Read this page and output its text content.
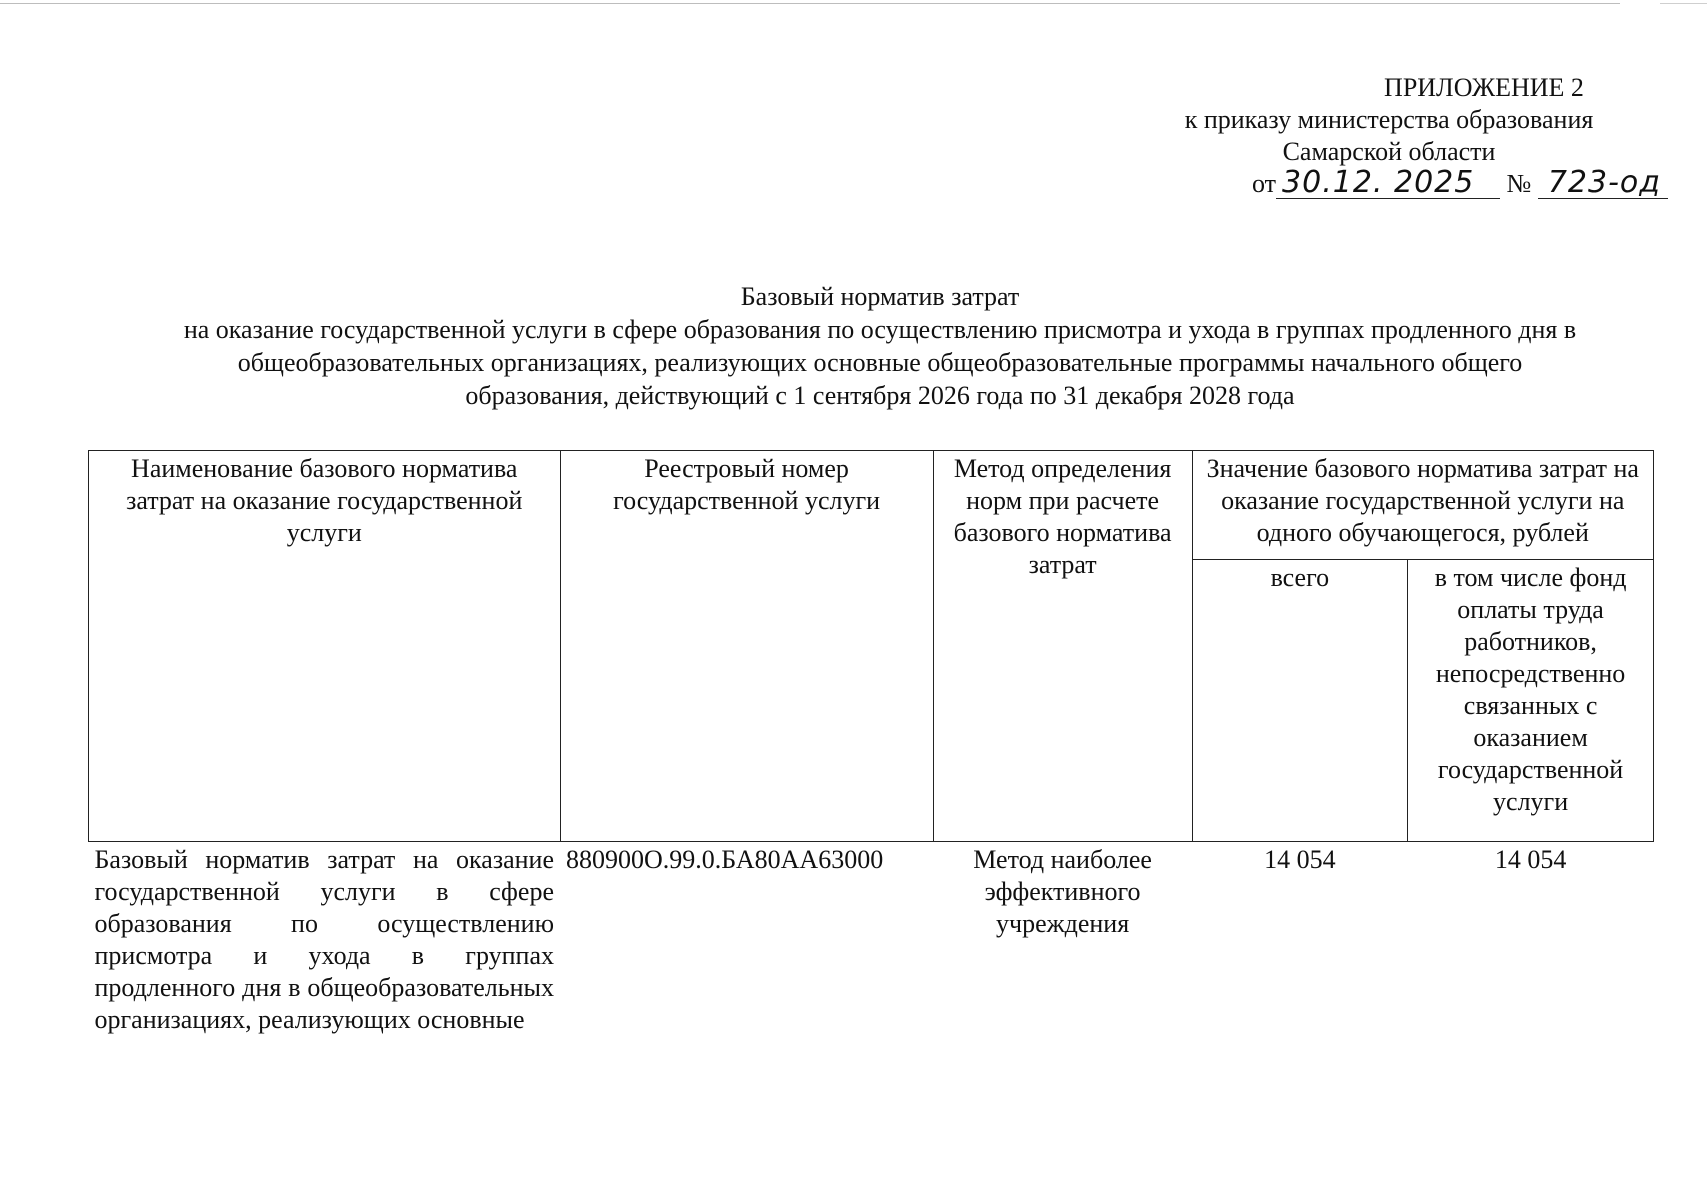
ПРИЛОЖЕНИЕ 2
к приказу министерства образования
Самарской области
от 30.12. 2025 № 723-од
Базовый норматив затрат
на оказание государственной услуги в сфере образования по осуществлению присмотра и ухода в группах продленного дня в
общеобразовательных организациях, реализующих основные общеобразовательные программы начального общего
образования, действующий с 1 сентября 2026 года по 31 декабря 2028 года
Наименование базового норматива затрат на оказание государственной услуги	Реестровый номер государственной услуги	Метод определения норм при расчете базового норматива затрат	Значение базового норматива затрат на оказание государственной услуги на одного обучающегося, рублей	
			всего	в том числе фонд оплаты труда работников, непосредственно связанных с оказанием государственной услуги
Базовый норматив затрат на оказание государственной услуги в сфере образования по осуществлению присмотра и ухода в группах продленного дня в общеобразовательных организациях, реализующих основные	880900О.99.0.БА80АА63000	Метод наиболее эффективного учреждения	14 054	14 054
